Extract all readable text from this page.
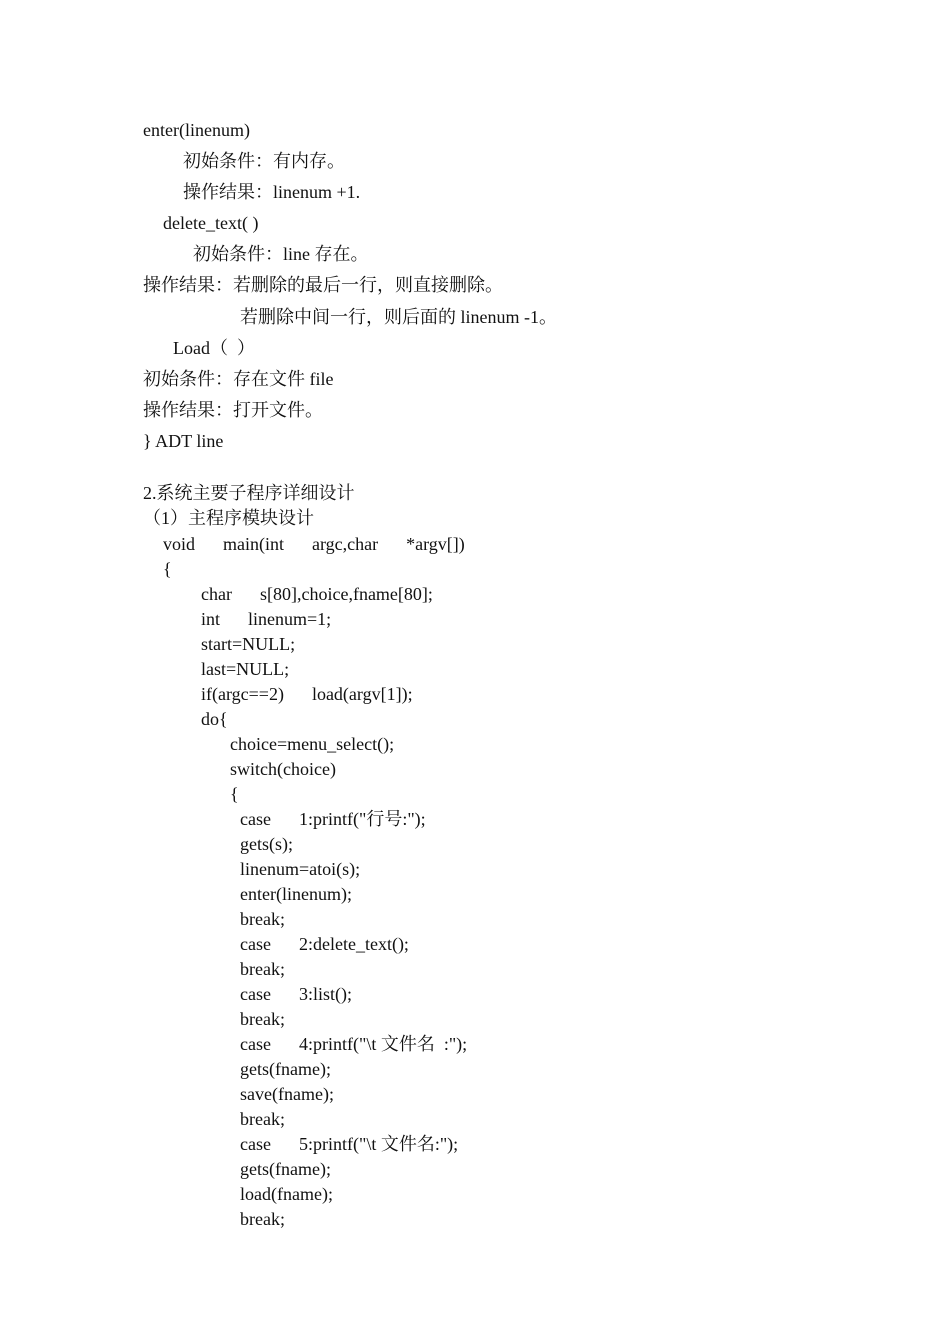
enter(linenum)
初始条件：有内存。
操作结果：linenum +1.
delete_text( )
初始条件：line 存在。
操作结果：若删除的最后一行，则直接删除。
若删除中间一行，则后面的 linenum -1。
Load（  ）
初始条件：存在文件 file
操作结果：打开文件。
} ADT line
2.系统主要子程序详细设计
（1）主程序模块设计
void main(int argc,char *argv[])
{
char s[80],choice,fname[80];
int linenum=1;
start=NULL;
last=NULL;
if(argc==2) load(argv[1]);
do{
choice=menu_select();
switch(choice)
{
case 1:printf("行号:");
gets(s);
linenum=atoi(s);
enter(linenum);
break;
case 2:delete_text();
break;
case 3:list();
break;
case 4:printf("\t 文件名  :");
gets(fname);
save(fname);
break;
case 5:printf("\t 文件名:");
gets(fname);
load(fname);
break;
